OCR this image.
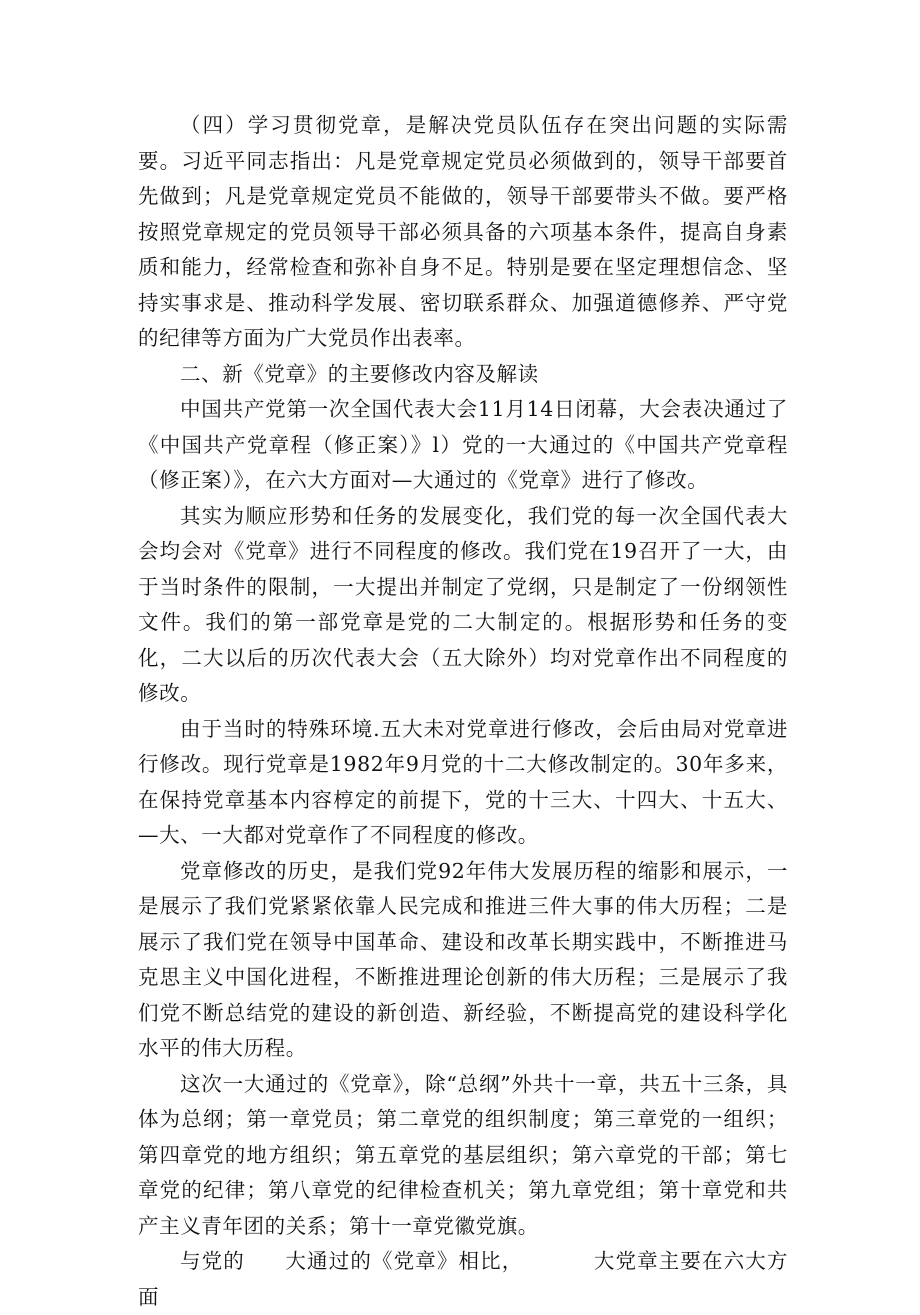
（四）学习贯彻党章，是解决党员队伍存在突出问题的实际需要。习近平同志指出：凡是党章规定党员必须做到的，领导干部要首先做到；凡是党章规定党员不能做的，领导干部要带头不做。要严格按照党章规定的党员领导干部必须具备的六项基本条件，提高自身素质和能力，经常检查和弥补自身不足。特别是要在坚定理想信念、坚持实事求是、推动科学发展、密切联系群众、加强道德修养、严守党的纪律等方面为广大党员作出表率。

二、新《党章》的主要修改内容及解读

中国共产党第一次全国代表大会11月14日闭幕，大会表决通过了《中国共产党章程（修正案）》l）党的一大通过的《中国共产党章程（修正案）》，在六大方面对—大通过的《党章》进行了修改。

其实为顺应形势和任务的发展变化，我们党的每一次全国代表大会均会对《党章》进行不同程度的修改。我们党在19召开了一大，由于当时条件的限制，一大提出并制定了党纲，只是制定了一份纲领性文件。我们的第一部党章是党的二大制定的。根据形势和任务的变化，二大以后的历次代表大会（五大除外）均对党章作出不同程度的修改。

由于当时的特殊环境.五大未对党章进行修改，会后由局对党章进行修改。现行党章是1982年9月党的十二大修改制定的。30年多来，在保持党章基本内容椁定的前提下，党的十三大、十四大、十五大、—大、一大都对党章作了不同程度的修改。

党章修改的历史，是我们党92年伟大发展历程的缩影和展示，一是展示了我们党紧紧依靠人民完成和推进三件大事的伟大历程；二是展示了我们党在领导中国革命、建设和改革长期实践中，不断推进马克思主义中国化进程，不断推进理论创新的伟大历程；三是展示了我们党不断总结党的建设的新创造、新经验，不断提高党的建设科学化水平的伟大历程。

这次一大通过的《党章》，除“总纲”外共十一章，共五十三条，具体为总纲；第一章党员；第二章党的组织制度；第三章党的一组织；第四章党的地方组织；第五章党的基层组织；第六章党的干部；第七章党的纪律；第八章党的纪律检查机关；第九章党组；第十章党和共产主义青年团的关系；第十一章党徽党旗。

与党的 大通过的《党章》相比，	大党章主要在六大方面
